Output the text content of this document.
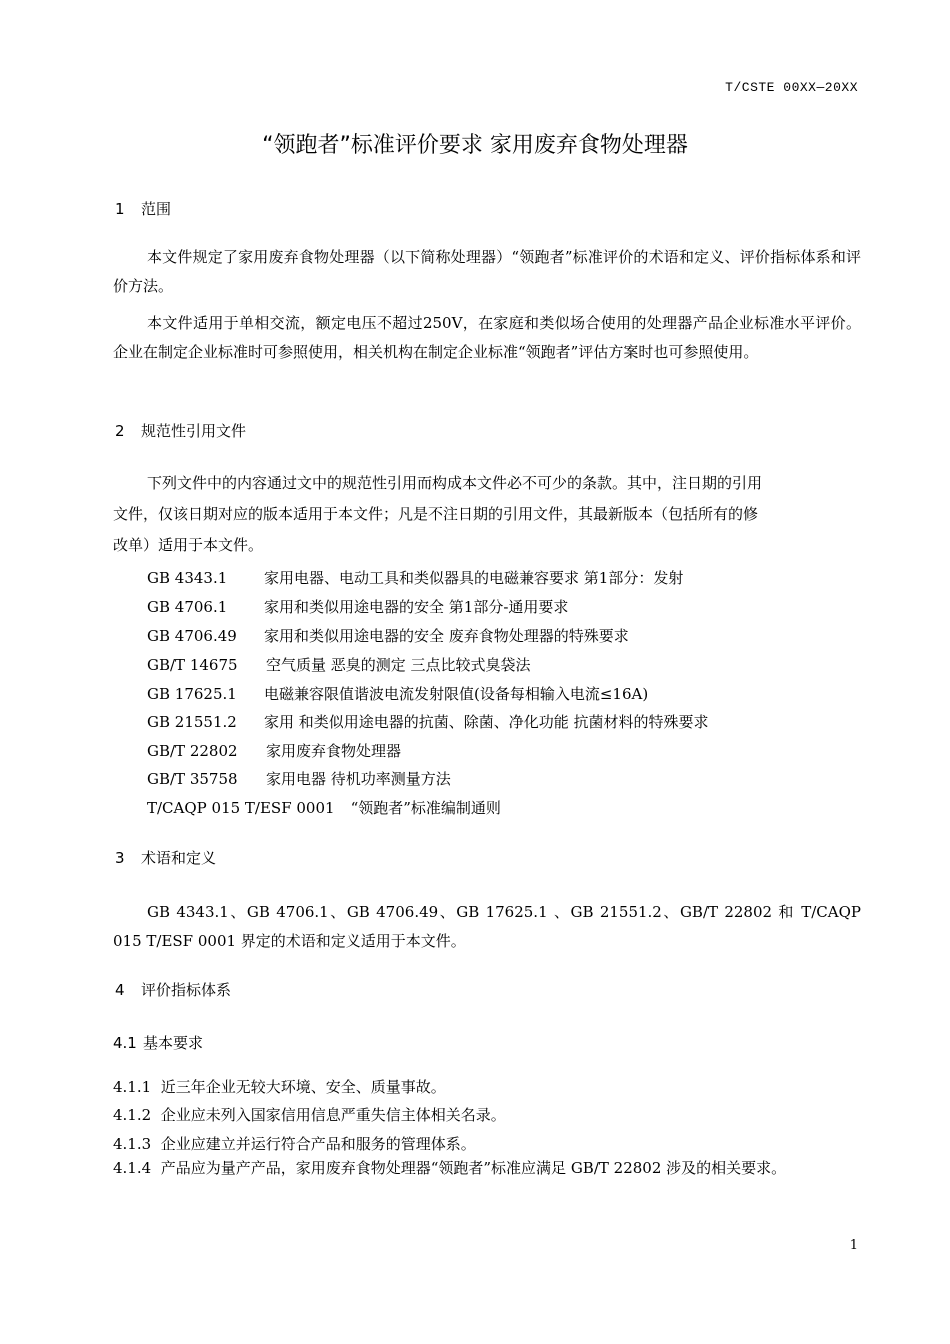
T/CSTE 00XX—20XX
“领跑者”标准评价要求 家用废弃食物处理器
1 范围
本文件规定了家用废弃食物处理器（以下简称处理器）“领跑者”标准评价的术语和定义、评价指标体系和评价方法。
本文件适用于单相交流，额定电压不超过250V，在家庭和类似场合使用的处理器产品企业标准水平评价。企业在制定企业标准时可参照使用，相关机构在制定企业标准“领跑者”评估方案时也可参照使用。
2 规范性引用文件
下列文件中的内容通过文中的规范性引用而构成本文件必不可少的条款。其中，注日期的引用
文件，仅该日期对应的版本适用于本文件；凡是不注日期的引用文件，其最新版本（包括所有的修
改单）适用于本文件。
GB 4343.1 家用电器、电动工具和类似器具的电磁兼容要求 第1部分：发射
GB 4706.1 家用和类似用途电器的安全 第1部分-通用要求
GB 4706.49 家用和类似用途电器的安全 废弃食物处理器的特殊要求
GB/T 14675 空气质量 恶臭的测定 三点比较式臭袋法
GB 17625.1 电磁兼容限值谐波电流发射限值(设备每相输入电流≤16A)
GB 21551.2 家用 和类似用途电器的抗菌、除菌、净化功能 抗菌材料的特殊要求
GB/T 22802 家用废弃食物处理器
GB/T 35758 家用电器 待机功率测量方法
T/CAQP 015 T/ESF 0001 “领跑者”标准编制通则
3 术语和定义
GB 4343.1、GB 4706.1、GB 4706.49、GB 17625.1 、GB 21551.2、GB/T 22802 和 T/CAQP 015 T/ESF 0001 界定的术语和定义适用于本文件。
4 评价指标体系
4.1 基本要求
4.1.1 近三年企业无较大环境、安全、质量事故。
4.1.2 企业应未列入国家信用信息严重失信主体相关名录。
4.1.3 企业应建立并运行符合产品和服务的管理体系。
4.1.4 产品应为量产产品，家用废弃食物处理器“领跑者”标准应满足 GB/T 22802 涉及的相关要求。
1
